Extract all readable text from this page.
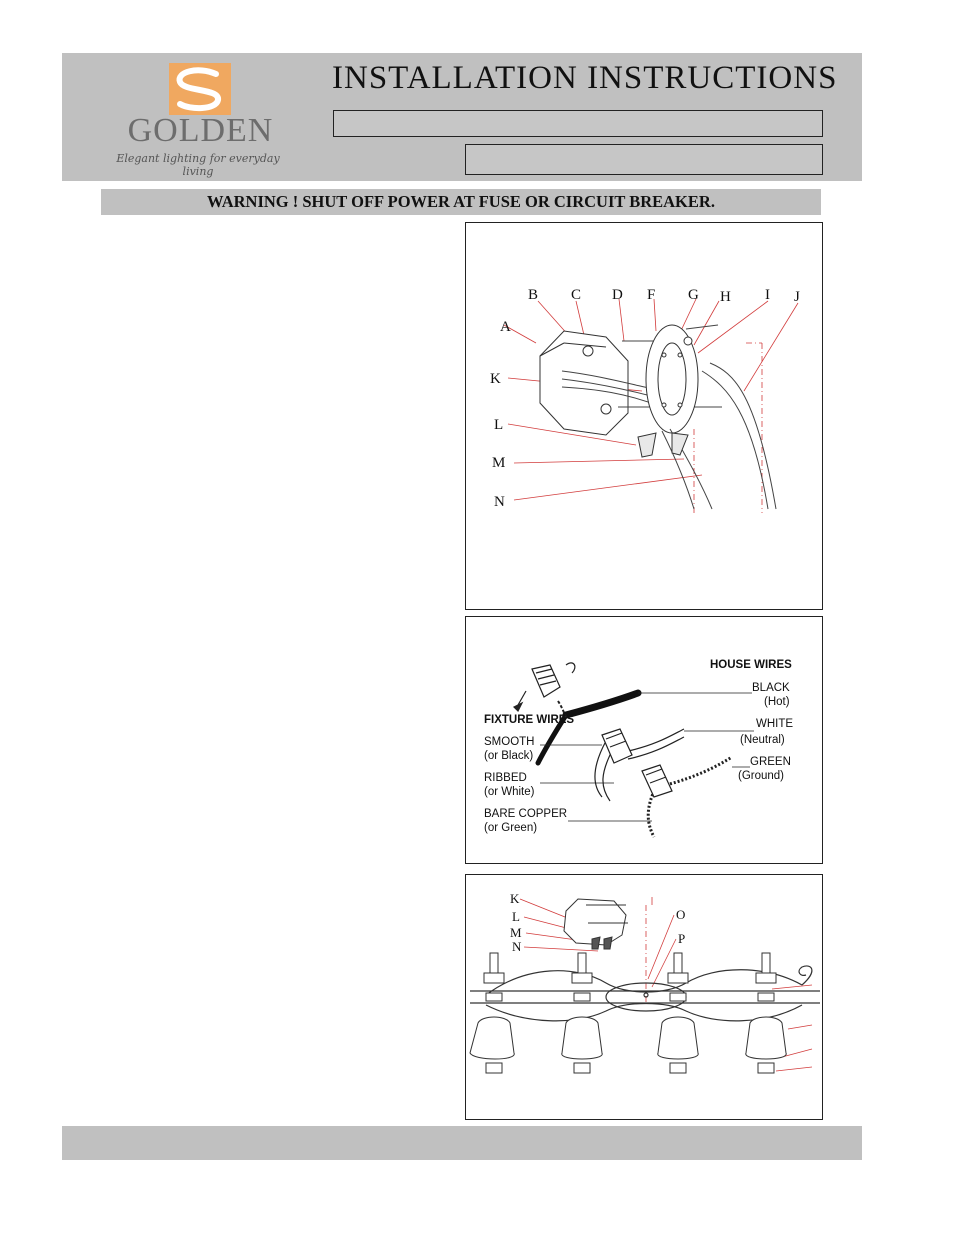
GOLDEN
Elegant lighting for everyday living
INSTALLATION INSTRUCTIONS
WARNING ! SHUT OFF POWER AT FUSE OR CIRCUIT BREAKER.
B C D F G H I J
A
K
L
M
N
HOUSE WIRES
BLACK
(Hot)
WHITE
(Neutral)
GREEN
(Ground)
FIXTURE WIRES
SMOOTH
(or Black)
RIBBED
(or White)
BARE COPPER
(or Green)
K
L
M
N
O
P
